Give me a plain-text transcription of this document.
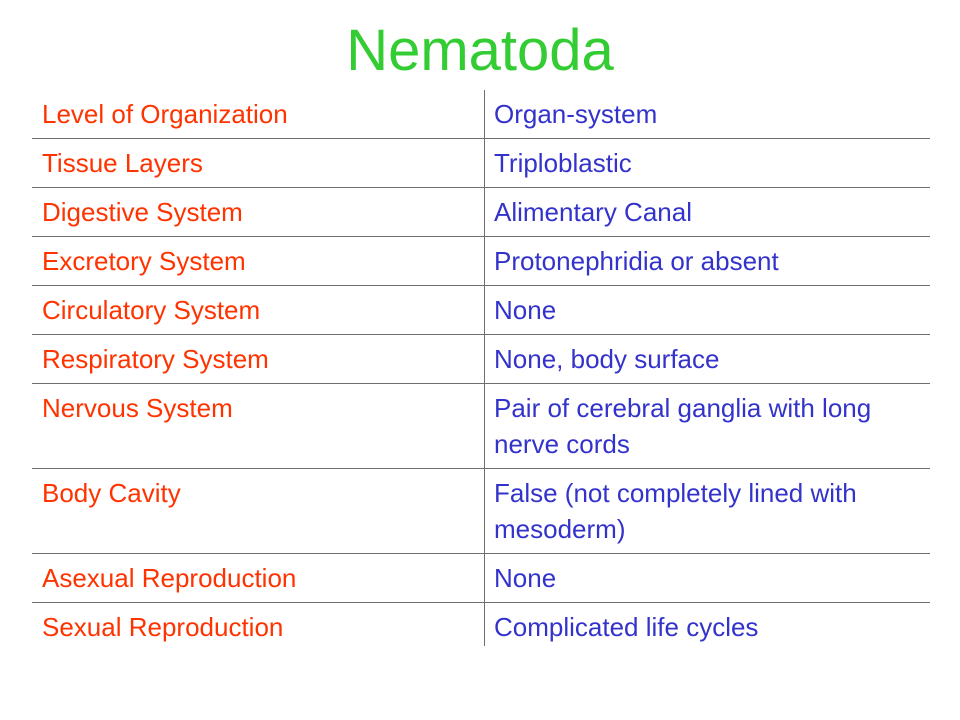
Nematoda
Level of Organization	Organ-system
Tissue Layers	Triploblastic
Digestive System	Alimentary Canal
Excretory System	Protonephridia or absent
Circulatory System	None
Respiratory System	None, body surface
Nervous System	Pair of cerebral ganglia with long nerve cords
Body Cavity	False (not completely lined with mesoderm)
Asexual Reproduction	None
Sexual Reproduction	Complicated life cycles
